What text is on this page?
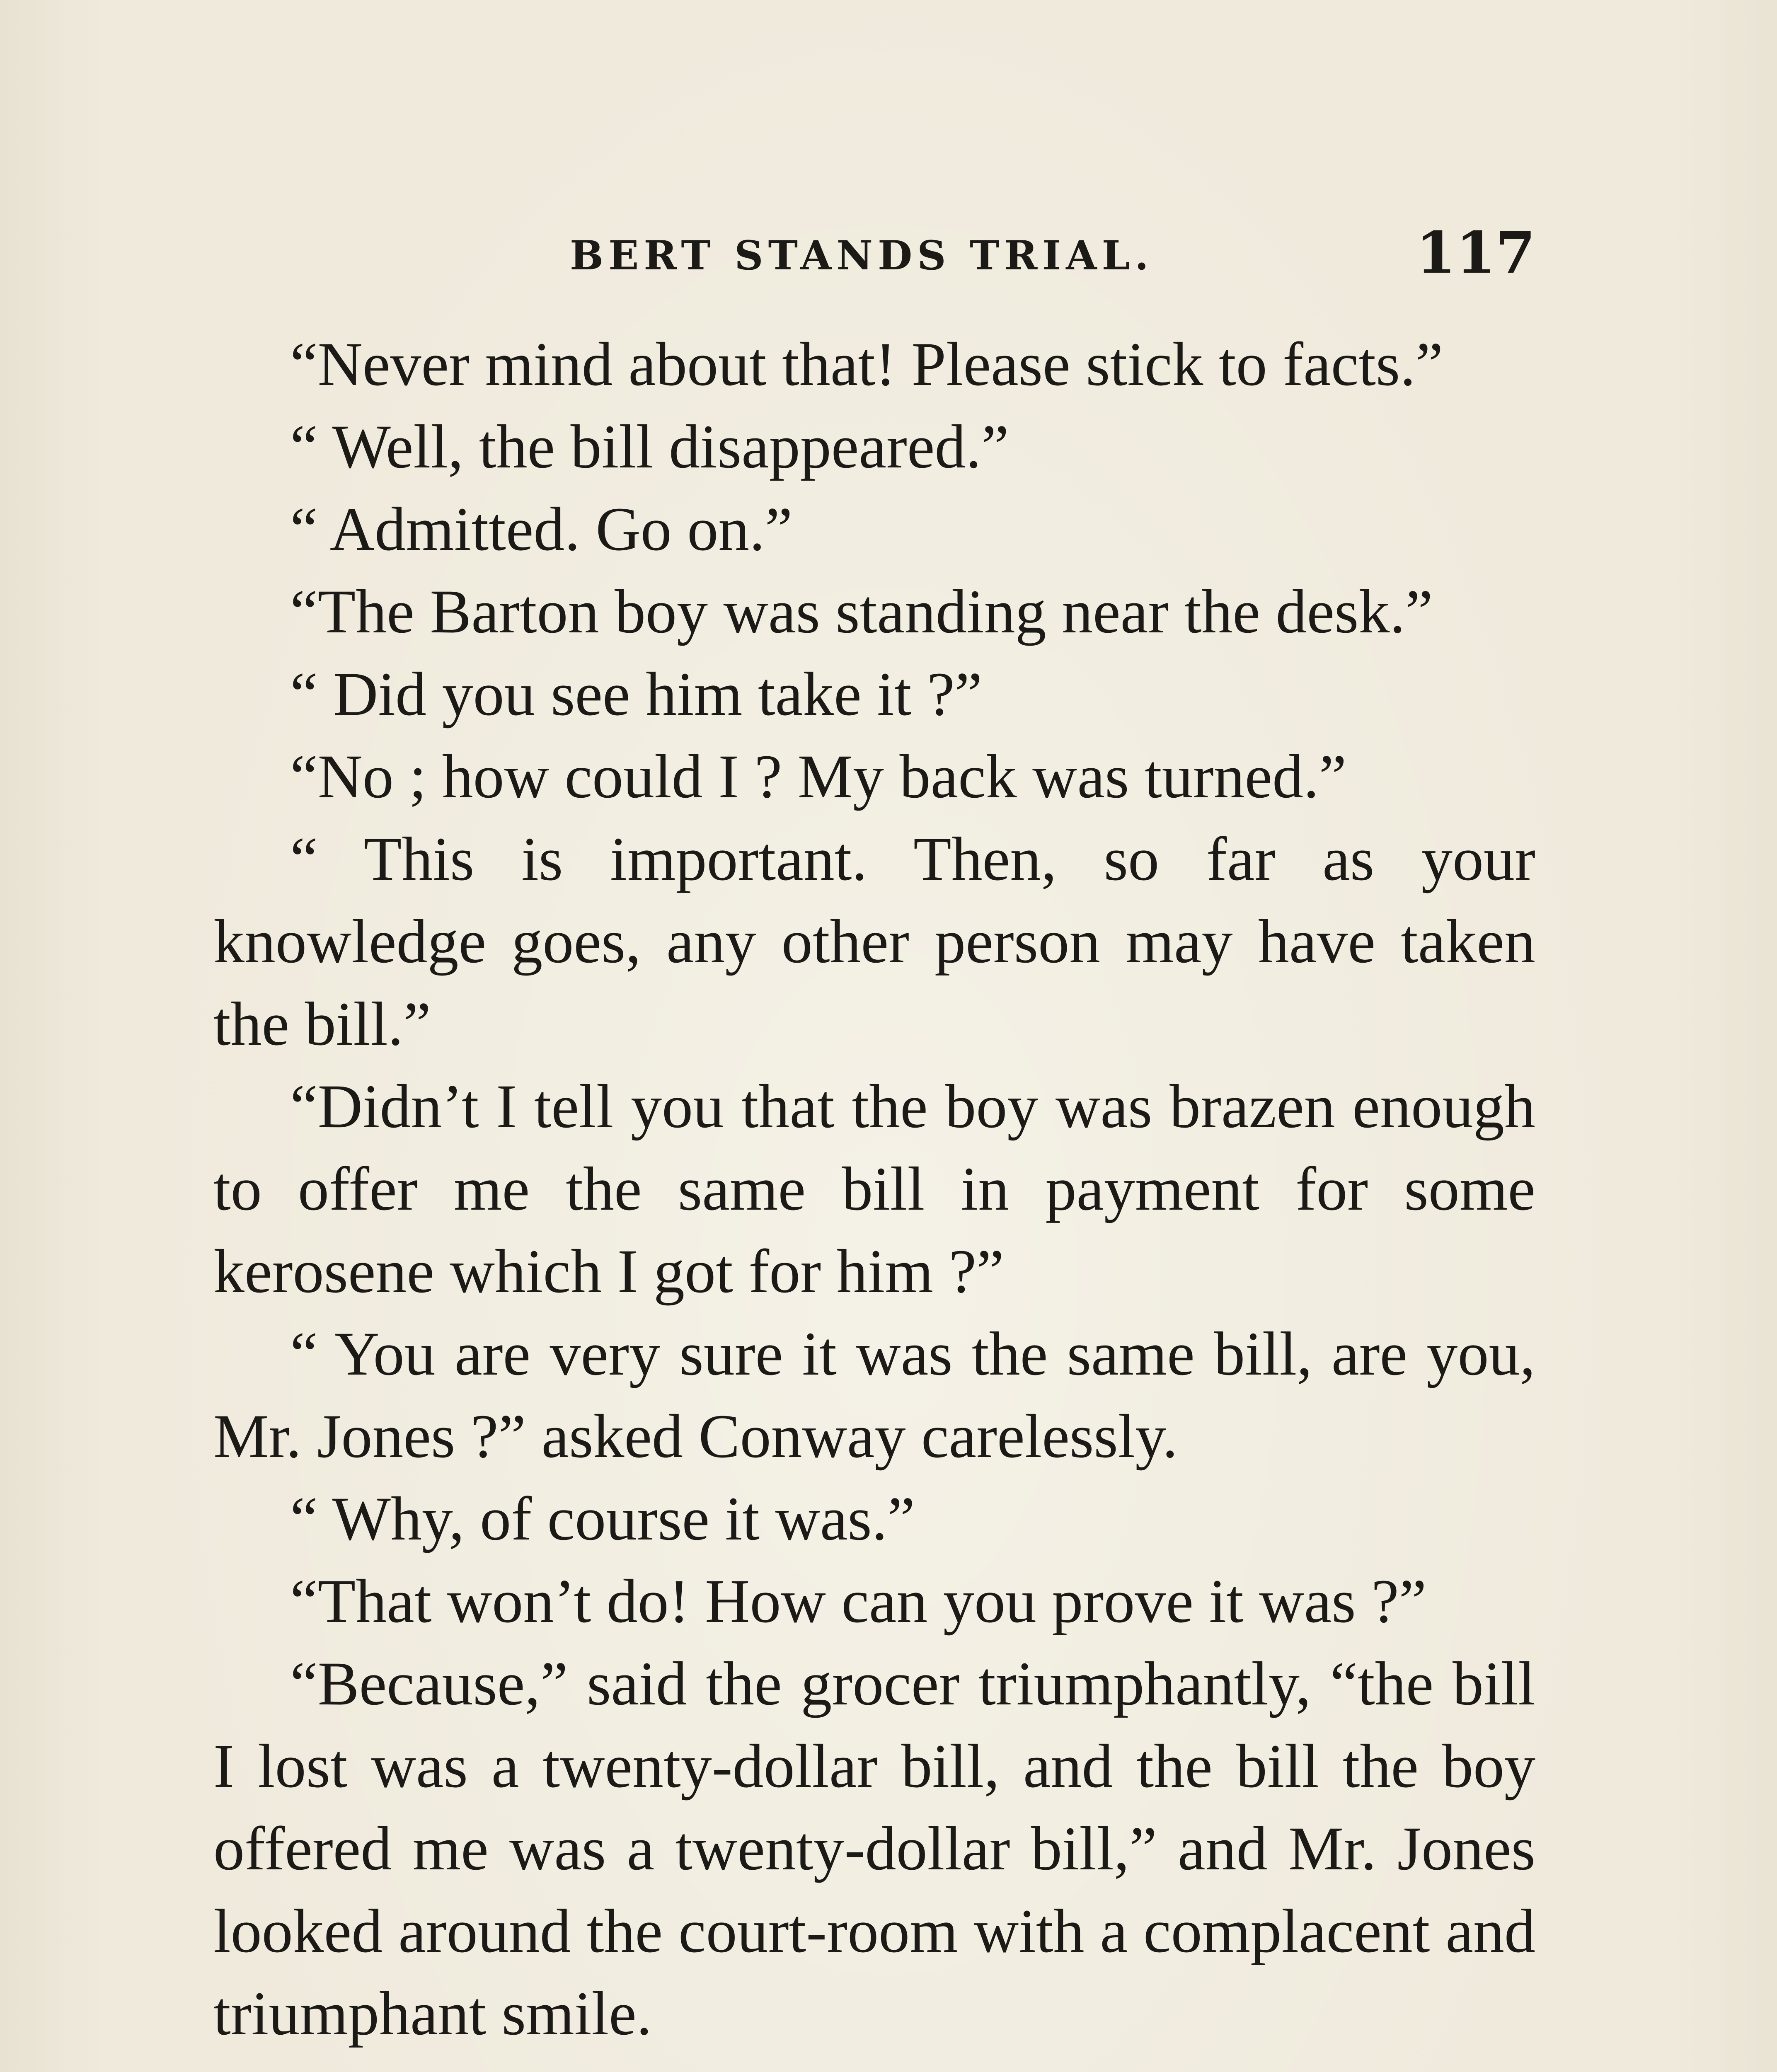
BERT STANDS TRIAL.	117

“Never mind about that! Please stick to facts.”

“ Well, the bill disappeared.”

“ Admitted. Go on.”

“The Barton boy was standing near the desk.”

“ Did you see him take it ?”

“No ; how could I ? My back was turned.”

“ This is important. Then, so far as your knowledge goes, any other person may have taken the bill.”

“Didn’t I tell you that the boy was brazen enough to offer me the same bill in payment for some kerosene which I got for him ?”

“ You are very sure it was the same bill, are you, Mr. Jones ?” asked Conway carelessly.

“ Why, of course it was.”

“That won’t do! How can you prove it was ?”

“Because,” said the grocer triumphantly, “the bill I lost was a twenty-dollar bill, and the bill the boy offered me was a twenty-dollar bill,” and Mr. Jones looked around the court-room with a complacent and triumphant smile.
